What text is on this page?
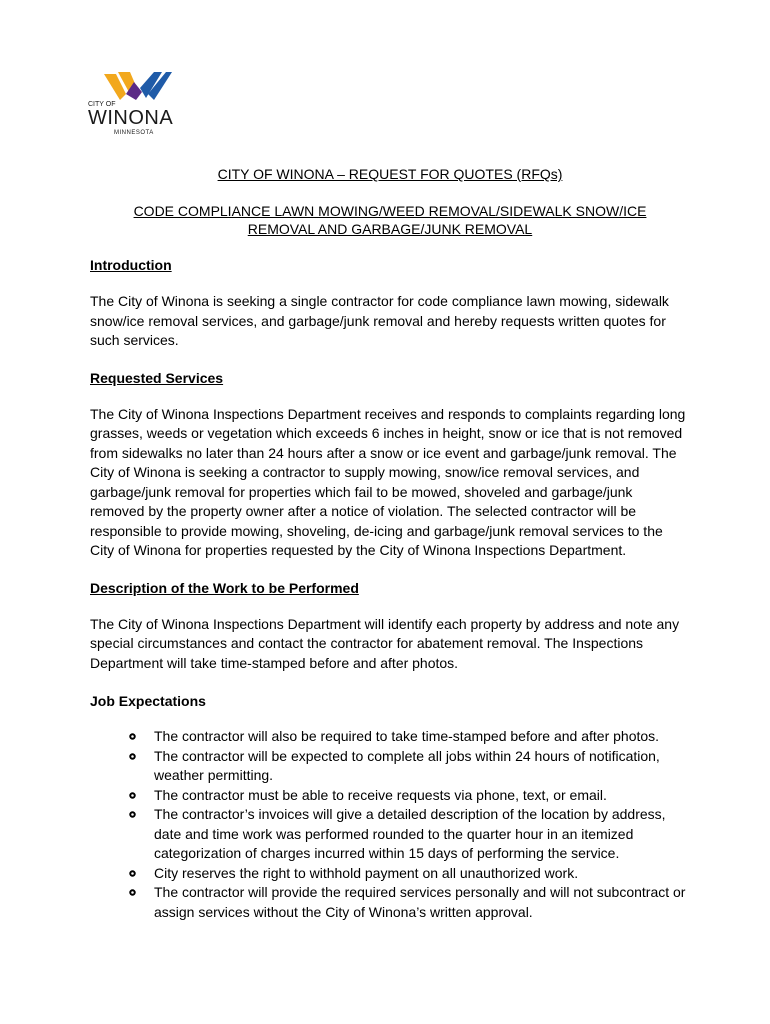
CITY OF
WINONA
MINNESOTA

CITY OF WINONA – REQUEST FOR QUOTES (RFQs)

CODE COMPLIANCE LAWN MOWING/WEED REMOVAL/SIDEWALK SNOW/ICE
REMOVAL AND GARBAGE/JUNK REMOVAL

Introduction

The City of Winona is seeking a single contractor for code compliance lawn mowing, sidewalk snow/ice removal services, and garbage/junk removal and hereby requests written quotes for such services.

Requested Services

The City of Winona Inspections Department receives and responds to complaints regarding long grasses, weeds or vegetation which exceeds 6 inches in height, snow or ice that is not removed from sidewalks no later than 24 hours after a snow or ice event and garbage/junk removal. The City of Winona is seeking a contractor to supply mowing, snow/ice removal services, and garbage/junk removal for properties which fail to be mowed, shoveled and garbage/junk removed by the property owner after a notice of violation. The selected contractor will be responsible to provide mowing, shoveling, de-icing and garbage/junk removal services to the City of Winona for properties requested by the City of Winona Inspections Department.

Description of the Work to be Performed

The City of Winona Inspections Department will identify each property by address and note any special circumstances and contact the contractor for abatement removal. The Inspections Department will take time-stamped before and after photos.

Job Expectations

The contractor will also be required to take time-stamped before and after photos.
The contractor will be expected to complete all jobs within 24 hours of notification, weather permitting.
The contractor must be able to receive requests via phone, text, or email.
The contractor’s invoices will give a detailed description of the location by address, date and time work was performed rounded to the quarter hour in an itemized categorization of charges incurred within 15 days of performing the service.
City reserves the right to withhold payment on all unauthorized work.
The contractor will provide the required services personally and will not subcontract or assign services without the City of Winona’s written approval.
